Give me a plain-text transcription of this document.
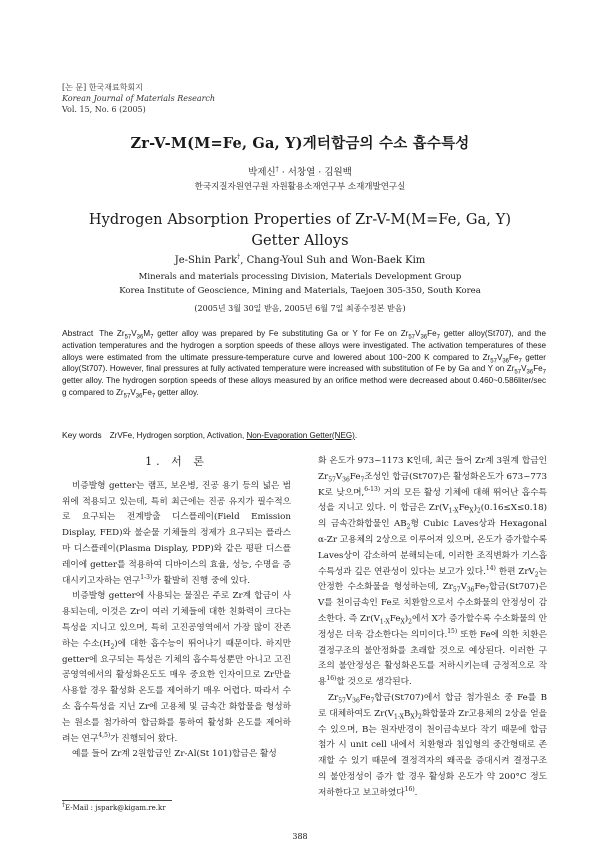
[논 문] 한국재료학회지
Korean Journal of Materials Research
Vol. 15, No. 6 (2005)
Zr-V-M(M=Fe, Ga, Y)게터합금의 수소 흡수특성
박제신† · 서창열 · 김원백
한국지질자원연구원 자원활용소재연구부 소재개발연구실
Hydrogen Absorption Properties of Zr-V-M(M=Fe, Ga, Y)
Getter Alloys
Je-Shin Park†, Chang-Youl Suh and Won-Baek Kim
Minerals and materials processing Division, Materials Development Group
Korea Institute of Geoscience, Mining and Materials, Taejoen 305-350, South Korea
(2005년 3월 30일 받음, 2005년 6월 7일 최종수정본 받음)
Abstract The $Zr_{57}V_{36}M_7$ getter alloy was prepared by Fe substituting Ga or Y for Fe on $Zr_{57}V_{36}Fe_7$ getter alloy(St707), and the activation temperatures and the hydrogen a sorption speeds of these alloys were investigated. The activation temperatures of these alloys were estimated from the ultimate pressure-temperature curve and lowered about 100~200 K compared to $Zr_{57}V_{36}Fe_7$ getter alloy(St707). However, final pressures at fully activated temperature were increased with substitution of Fe by Ga and Y on $Zr_{57}V_{36}Fe_7$ getter alloy. The hydrogen sorption speeds of these alloys measured by an orifice method were decreased about 0.460~0.586liter/sec g compared to $Zr_{57}V_{36}Fe_7$ getter alloy.
Key words ZrVFe, Hydrogen sorption, Activation, Non-Evaporation Getter(NEG).
1. 서 론

비증발형 getter는 램프, 보온병, 진공 용기 등의 넓은 범위에 적용되고 있는데, 특히 최근에는 진공 유지가 필수적으로 요구되는 전계방출 디스플레이(Field Emission Display, FED)와 불순물 기체들의 정제가 요구되는 플라스마 디스플레이(Plasma Display, PDP)와 같은 평판 디스플레이에 getter를 적용하여 디바이스의 효율, 성능, 수명을 증대시키고자하는 연구$^{1-3)}$가 활발히 진행 중에 있다.

비증발형 getter에 사용되는 물질은 주로 Zr계 합금이 사용되는데, 이것은 Zr이 여러 기체들에 대한 친화력이 크다는 특성을 지니고 있으며, 특히 고진공영역에서 가장 많이 잔존하는 수소$(H_2)$에 대한 흡수능이 뛰어나기 때문이다. 하지만 getter에 요구되는 특성은 기체의 흡수특성뿐만 아니고 고진공영역에서의 활성화온도도 매우 중요한 인자이므로 Zr만을 사용할 경우 활성화 온도를 제어하기 매우 어렵다. 따라서 수소 흡수특성을 지닌 Zr에 고용체 및 금속간 화합물을 형성하는 원소를 첨가하여 합금화를 통하여 활성화 온도를 제어하려는 연구$^{4,5)}$가 진행되어 왔다.

예를 들어 Zr계 2원합금인 Zr-Al(St 101)합금은 활성

화 온도가 973~1173 K인데, 최근 들어 Zr계 3원계 합금인 $Zr_{57}V_{36}Fe_7$조성인 합금(St707)은 활성화온도가 673~773 K로 낮으며,$^{6-13)}$ 거의 모든 활성 기체에 대해 뛰어난 흡수특성을 지니고 있다. 이 합금은 $Zr(V_{1-X}Fe_X)_2(0.16\le X\le 0.18)$의 금속간화합물인 $AB_2$형 Cubic Laves상과 Hexagonal α-Zr 고용체의 2상으로 이루어져 있으며, 온도가 증가할수록 Laves상이 감소하여 분해되는데, 이러한 조직변화가 기스흡수특성과 깊은 연관성이 있다는 보고가 있다.$^{14)}$ 한편 ZrV$_2$는 안정한 수소화물을 형성하는데, $Zr_{57}V_{36}Fe_7$합금(St707)은 V를 천이금속인 Fe로 치환함으로서 수소화물의 안정성이 감소한다. 즉 $Zr(V_{1-X}Fe_X)_2$에서 X가 증가할수록 수소화물의 안정성은 더욱 감소한다는 의미이다.$^{15)}$ 또한 Fe에 의한 치환은 결정구조의 불안정화를 초래할 것으로 예상된다. 이러한 구조의 불안정성은 활성화온도를 저하시키는데 긍정적으로 작용$^{16)}$할 것으로 생각된다.

$Zr_{57}V_{36}Fe_7$합금(St707)에서 합금 첨가원소 중 Fe를 B로 대체하여도 $Zr(V_{1-X}B_X)_2$화합물과 Zr고용체의 2상을 얻을 수 있으며, B는 원자반경이 천이금속보다 작기 때문에 합금 첨가 시 unit cell 내에서 치환형과 침입형의 중간형태로 존재할 수 있기 때문에 결정격자의 왜곡을 증대시켜 결정구조의 불안정성이 증가 할 경우 활성화 온도가 약 200°C 정도 저하한다고 보고하였다$^{16)}$.

†E-Mail : jspark@kigam.re.kr
388
